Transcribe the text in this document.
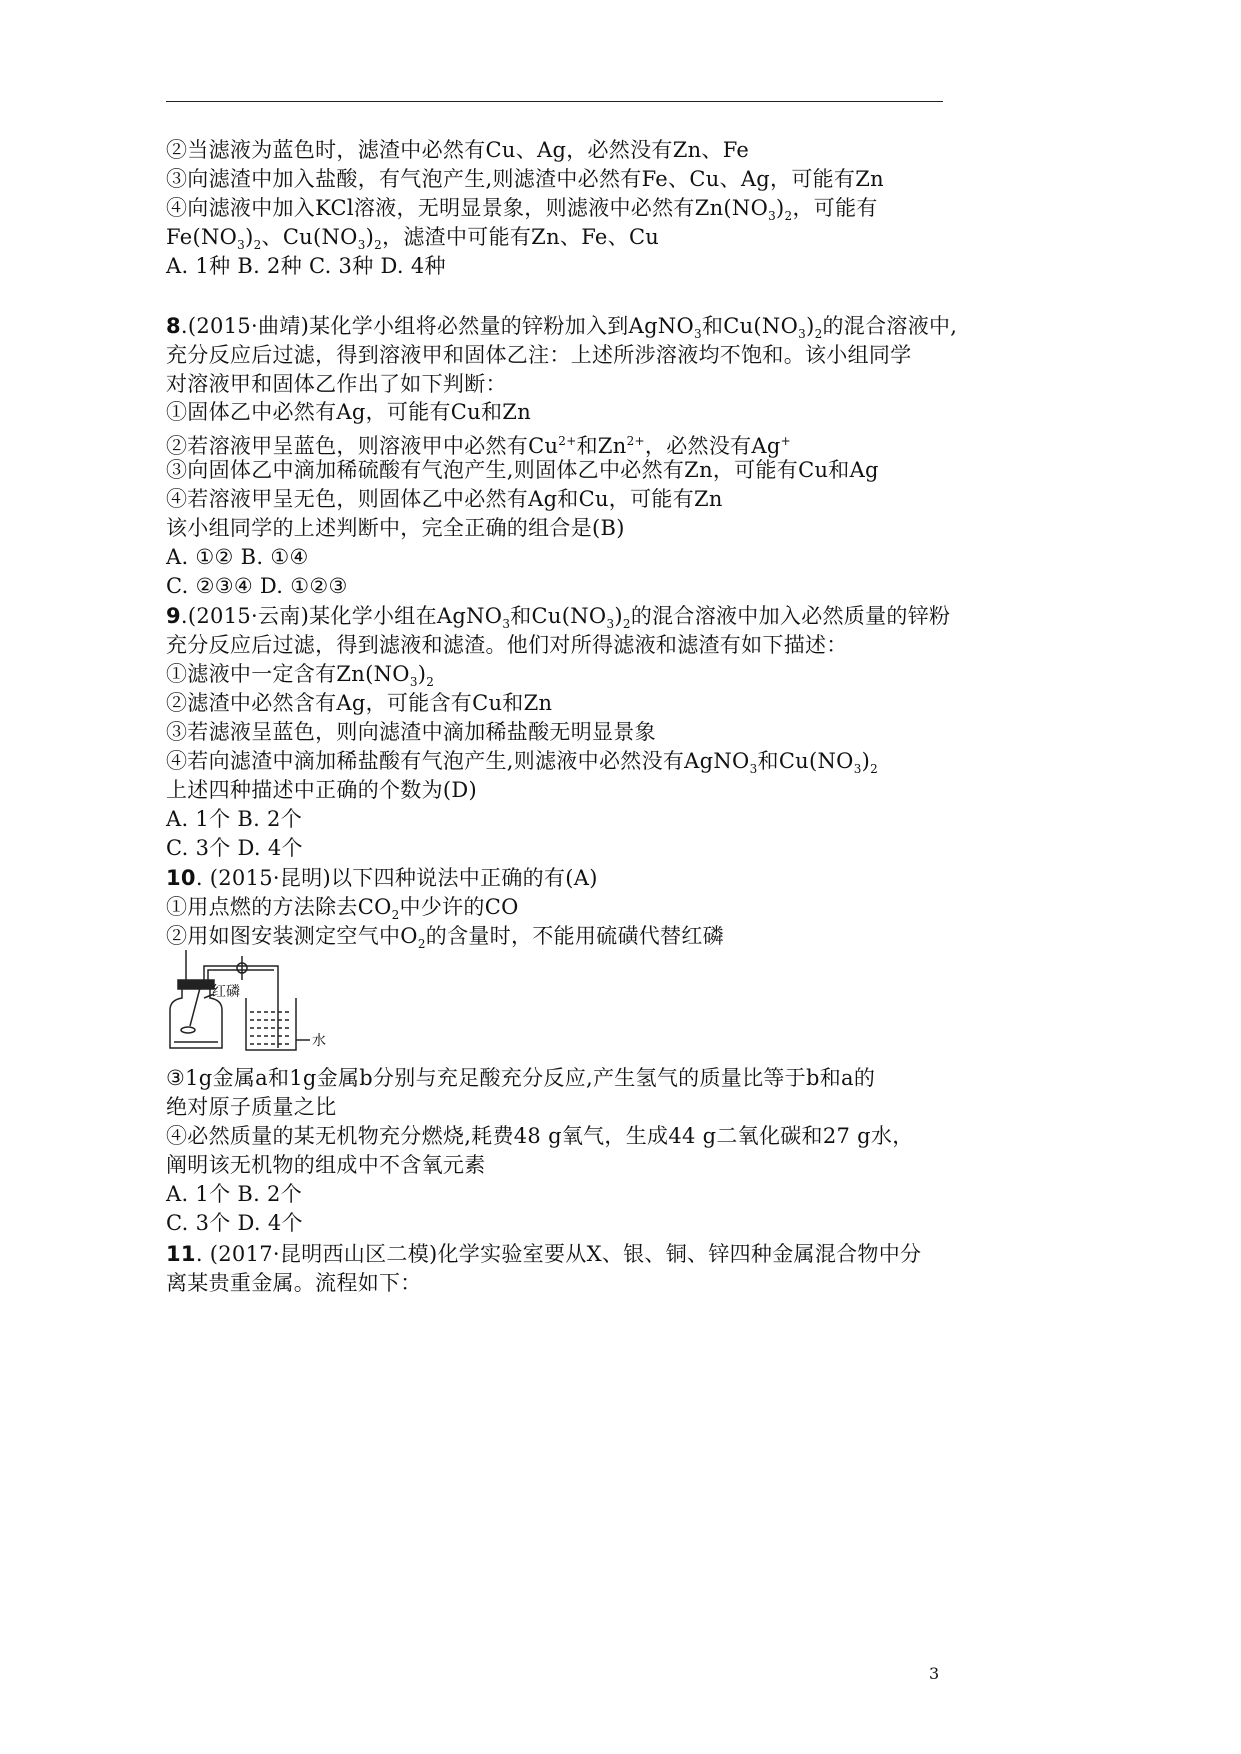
②当滤液为蓝色时，滤渣中必然有Cu、Ag，必然没有Zn、Fe
③向滤渣中加入盐酸，有气泡产生,则滤渣中必然有Fe、Cu、Ag，可能有Zn
④向滤液中加入KCl溶液，无明显景象，则滤液中必然有$Zn(NO_3)_2$，可能有
$Fe(NO_3)_2$、$Cu(NO_3)_2$，滤渣中可能有Zn、Fe、Cu
A. 1种 B. 2种 C. 3种 D. 4种
8.(2015·曲靖)某化学小组将必然量的锌粉加入到AgNO$_3$和$Cu(NO_3)_2$的混合溶液中,
充分反应后过滤，得到溶液甲和固体乙注：上述所涉溶液均不饱和。该小组同学
对溶液甲和固体乙作出了如下判断：
①固体乙中必然有Ag，可能有Cu和Zn
②若溶液甲呈蓝色，则溶液甲中必然有$Cu^{2+}$和$Zn^{2+}$，必然没有Ag+
③向固体乙中滴加稀硫酸有气泡产生,则固体乙中必然有Zn，可能有Cu和Ag
④若溶液甲呈无色，则固体乙中必然有Ag和Cu，可能有Zn
该小组同学的上述判断中，完全正确的组合是(B)
A. ①② B. ①④
C. ②③④ D. ①②③
9.(2015·云南)某化学小组在AgNO$_3$和$Cu(NO_3)_2$的混合溶液中加入必然质量的锌粉
充分反应后过滤，得到滤液和滤渣。他们对所得滤液和滤渣有如下描述：
①滤液中一定含有$Zn(NO_3)_2$
②滤渣中必然含有Ag，可能含有Cu和Zn
③若滤液呈蓝色，则向滤渣中滴加稀盐酸无明显景象
④若向滤渣中滴加稀盐酸有气泡产生,则滤液中必然没有AgNO$_3$和$Cu(NO_3)_2$
上述四种描述中正确的个数为(D)
A. 1个 B. 2个
C. 3个 D. 4个
10. (2015·昆明)以下四种说法中正确的有(A)
①用点燃的方法除去$CO_2$中少许的CO
②用如图安装测定空气中$O_2$的含量时，不能用硫磺代替红磷
红磷
水
③1g金属a和1g金属b分别与充足酸充分反应,产生氢气的质量比等于b和a的
绝对原子质量之比
④必然质量的某无机物充分燃烧,耗费48 g氧气，生成44 g二氧化碳和27 g水，
阐明该无机物的组成中不含氧元素
A. 1个 B. 2个
C. 3个 D. 4个
11. (2017·昆明西山区二模)化学实验室要从X、银、铜、锌四种金属混合物中分
离某贵重金属。流程如下：
3
